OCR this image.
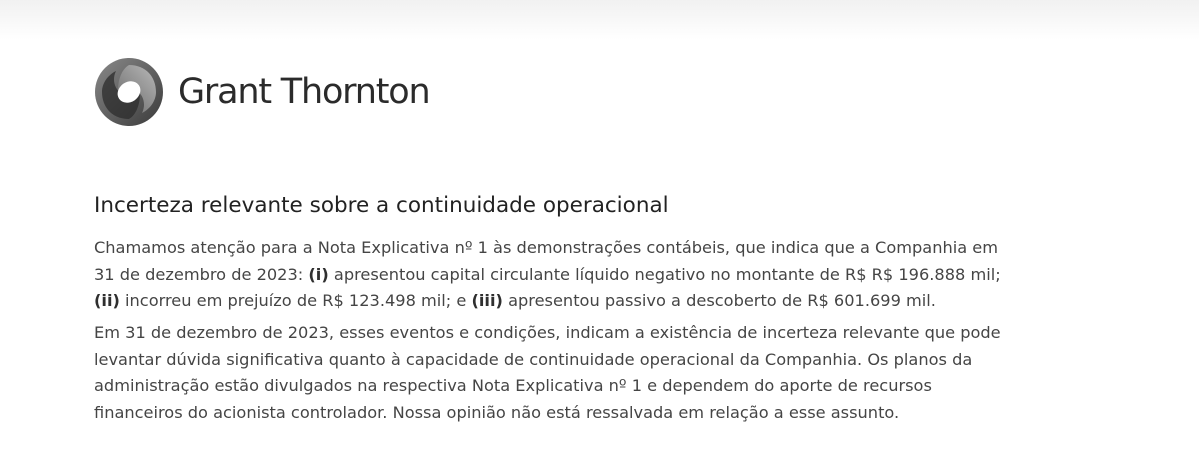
Grant Thornton
Incerteza relevante sobre a continuidade operacional

Chamamos atenção para a Nota Explicativa nº 1 às demonstrações contábeis, que indica que a Companhia em
31 de dezembro de 2023: (i) apresentou capital circulante líquido negativo no montante de R$ R$ 196.888 mil;
(ii) incorreu em prejuízo de R$ 123.498 mil; e (iii) apresentou passivo a descoberto de R$ 601.699 mil.

Em 31 de dezembro de 2023, esses eventos e condições, indicam a existência de incerteza relevante que pode
levantar dúvida significativa quanto à capacidade de continuidade operacional da Companhia. Os planos da
administração estão divulgados na respectiva Nota Explicativa nº 1 e dependem do aporte de recursos
financeiros do acionista controlador. Nossa opinião não está ressalvada em relação a esse assunto.
